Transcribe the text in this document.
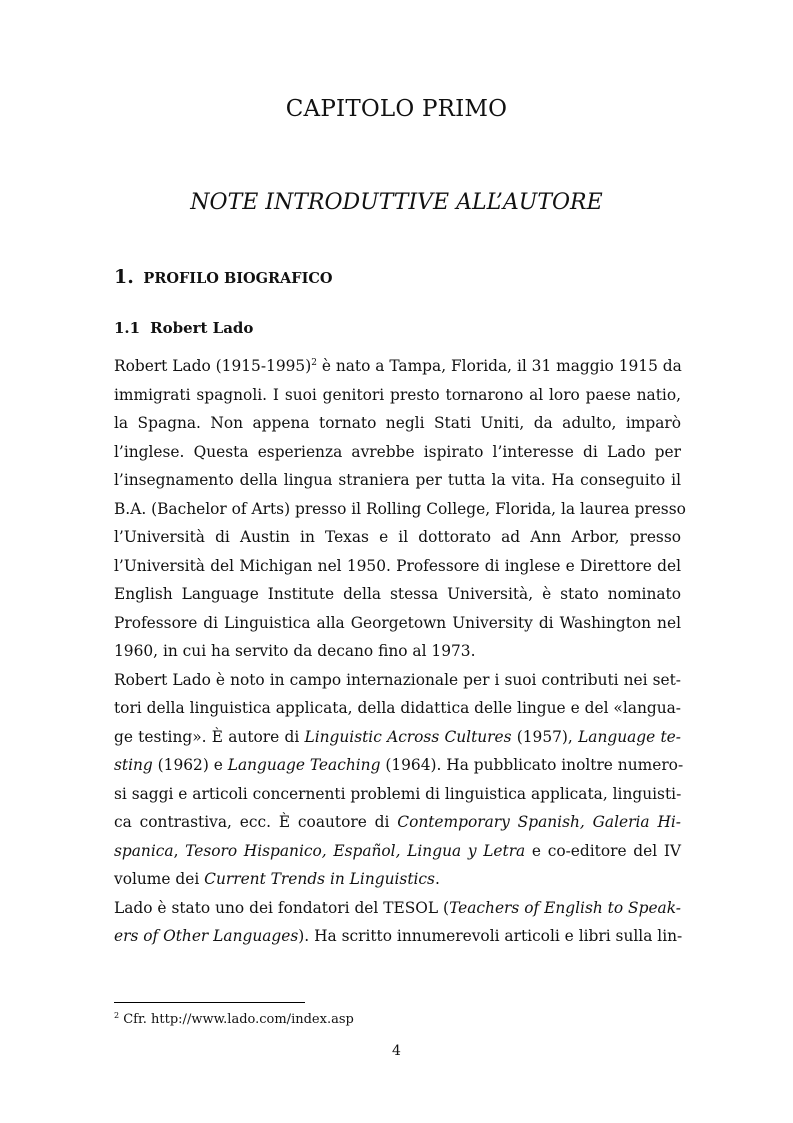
CAPITOLO PRIMO
NOTE INTRODUTTIVE ALL’AUTORE
1. PROFILO BIOGRAFICO
1.1 Robert Lado
Robert Lado (1915-1995)$^2$ è nato a Tampa, Florida, il 31 maggio 1915 da
immigrati spagnoli. I suoi genitori presto tornarono al loro paese natio,
la Spagna. Non appena tornato negli Stati Uniti, da adulto, imparò
l’inglese. Questa esperienza avrebbe ispirato l’interesse di Lado per
l’insegnamento della lingua straniera per tutta la vita. Ha conseguito il
B.A. (Bachelor of Arts) presso il Rolling College, Florida, la laurea presso
l’Università di Austin in Texas e il dottorato ad Ann Arbor, presso
l’Università del Michigan nel 1950. Professore di inglese e Direttore del
English Language Institute della stessa Università, è stato nominato
Professore di Linguistica alla Georgetown University di Washington nel
1960, in cui ha servito da decano fino al 1973.
Robert Lado è noto in campo internazionale per i suoi contributi nei set-
tori della linguistica applicata, della didattica delle lingue e del «langua-
ge testing». È autore di Linguistic Across Cultures (1957), Language te-
sting (1962) e Language Teaching (1964). Ha pubblicato inoltre numero-
si saggi e articoli concernenti problemi di linguistica applicata, linguisti-
ca contrastiva, ecc. È coautore di Contemporary Spanish, Galeria Hi-
spanica, Tesoro Hispanico, Español, Lingua y Letra e co-editore del IV
volume dei Current Trends in Linguistics.
Lado è stato uno dei fondatori del TESOL (Teachers of English to Speak-
ers of Other Languages). Ha scritto innumerevoli articoli e libri sulla lin-
$^2$ Cfr. http://www.lado.com/index.asp
4
